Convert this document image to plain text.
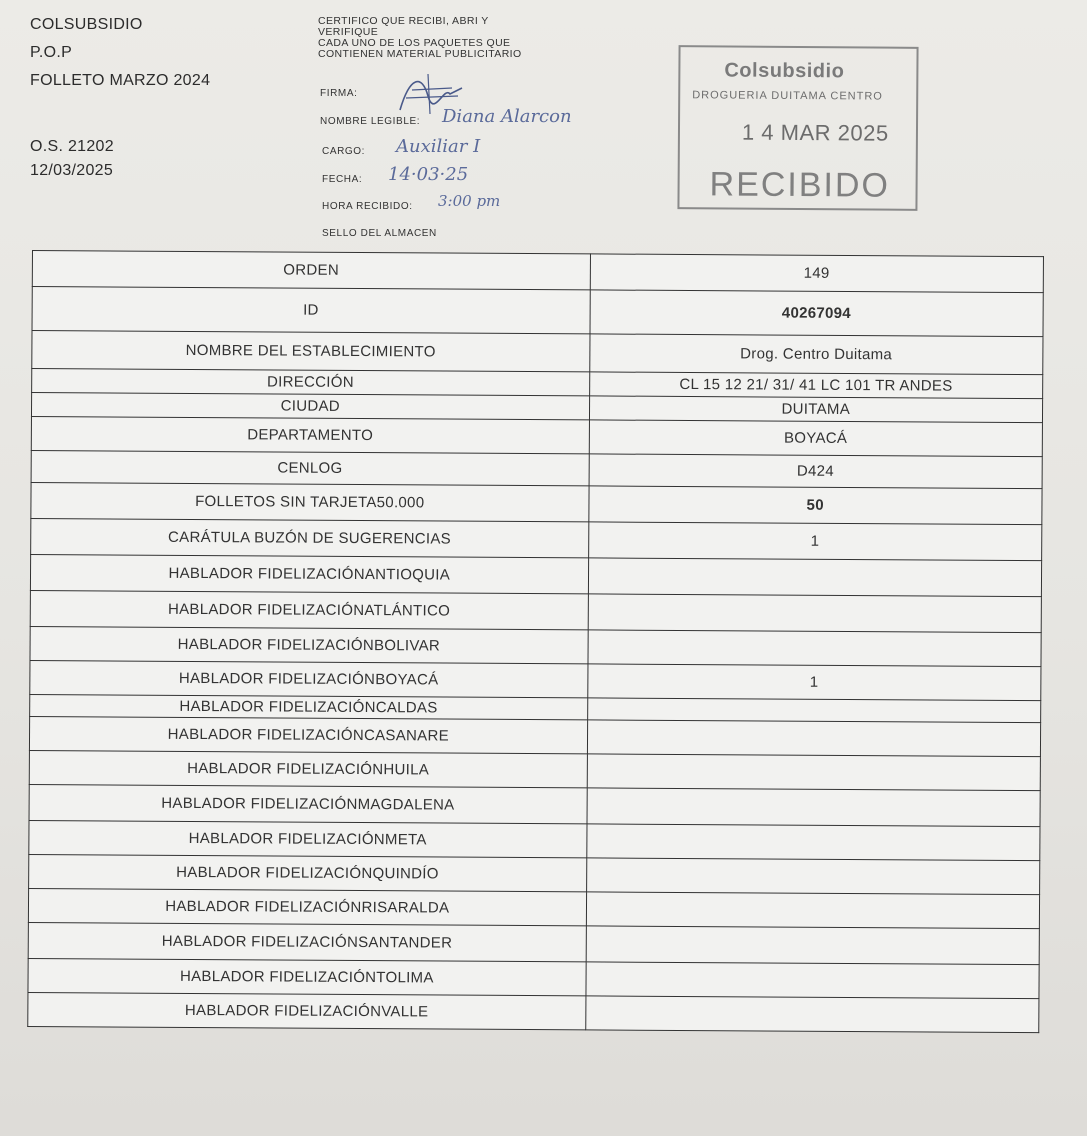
COLSUBSIDIO
P.O.P
FOLLETO MARZO 2024
O.S. 21202
12/03/2025
CERTIFICO QUE RECIBI, ABRI Y
VERIFIQUE
CADA UNO DE LOS PAQUETES QUE
CONTIENEN MATERIAL PUBLICITARIO
FIRMA:
NOMBRE LEGIBLE: Diana Alarcon
CARGO: Auxiliar I
FECHA: 14·03·25
HORA RECIBIDO: 3:00 pm
SELLO DEL ALMACEN
Colsubsidio
DROGUERIA DUITAMA CENTRO
1 4 MAR 2025
RECIBIDO
ORDEN	149
ID	40267094
NOMBRE DEL ESTABLECIMIENTO	Drog. Centro Duitama
DIRECCIÓN	CL 15 12 21/ 31/ 41 LC 101 TR ANDES
CIUDAD	DUITAMA
DEPARTAMENTO	BOYACÁ
CENLOG	D424
FOLLETOS SIN TARJETA50.000	50
CARÁTULA BUZÓN DE SUGERENCIAS	1
HABLADOR FIDELIZACIÓNANTIOQUIA	
HABLADOR FIDELIZACIÓNATLÁNTICO	
HABLADOR FIDELIZACIÓNBOLIVAR	
HABLADOR FIDELIZACIÓNBOYACÁ	1
HABLADOR FIDELIZACIÓNCALDAS	
HABLADOR FIDELIZACIÓNCASANARE	
HABLADOR FIDELIZACIÓNHUILA	
HABLADOR FIDELIZACIÓNMAGDALENA	
HABLADOR FIDELIZACIÓNMETA	
HABLADOR FIDELIZACIÓNQUINDÍO	
HABLADOR FIDELIZACIÓNRISARALDA	
HABLADOR FIDELIZACIÓNSANTANDER	
HABLADOR FIDELIZACIÓNTOLIMA	
HABLADOR FIDELIZACIÓNVALLE	
